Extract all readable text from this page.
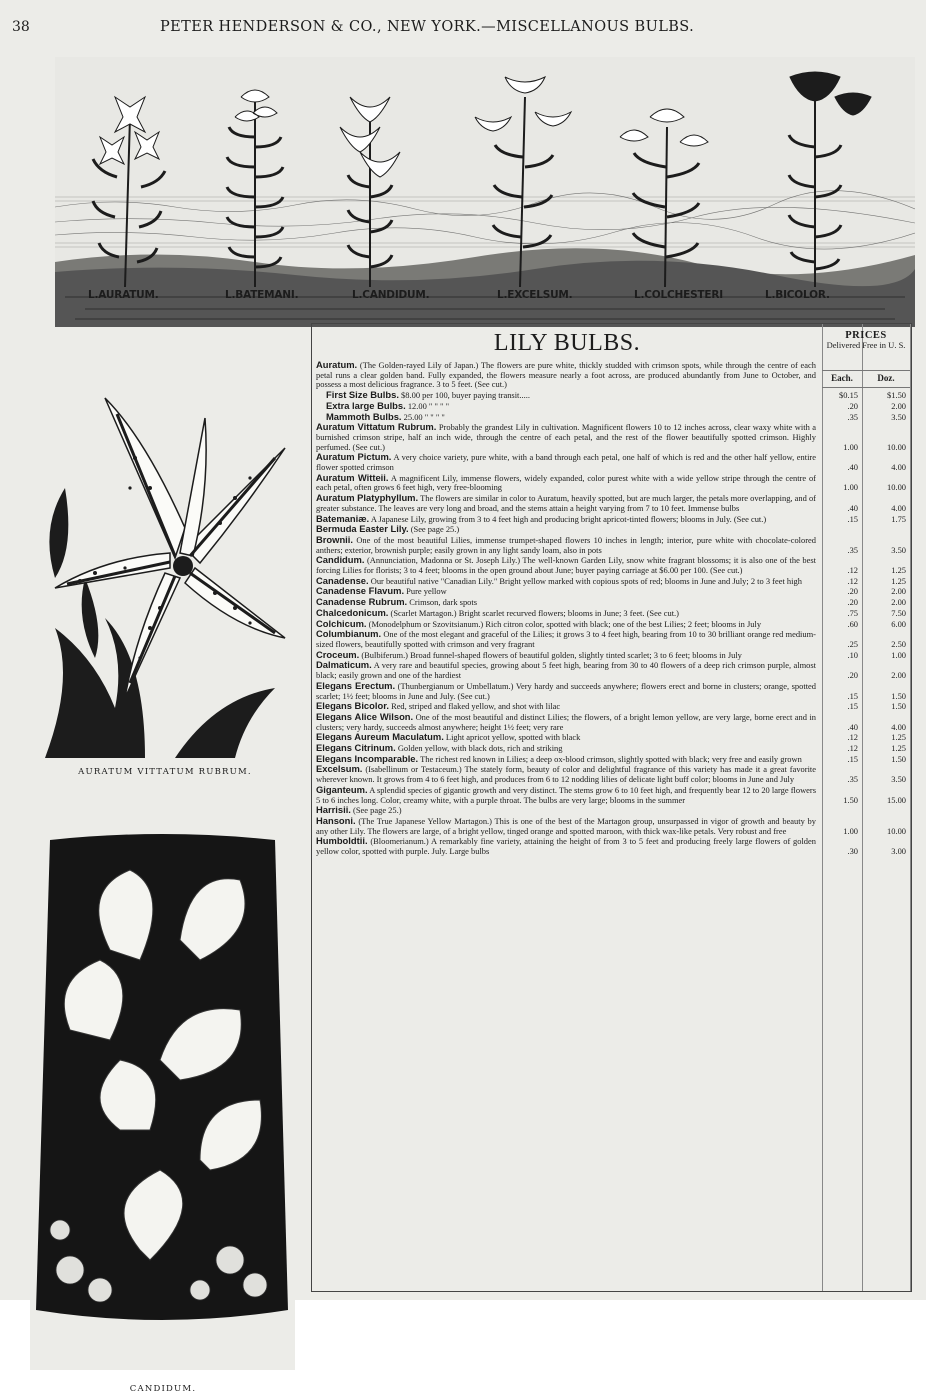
38	PETER HENDERSON & CO., NEW YORK.—MISCELLANOUS BULBS.
L.AURATUM.	L.BATEMANI.	L.CANDIDUM.	L.EXCELSUM.	L.COLCHESTERI	L.BICOLOR.
AURATUM VITTATUM RUBRUM.
CANDIDUM.
LILY BULBS.	PRICES
Delivered Free in U. S.
Each.	Doz.
Auratum. (The Golden-rayed Lily of Japan.) The flowers are pure white, thickly studded with crimson spots, while through the centre of each petal runs a clear golden band. Fully expanded, the flowers measure nearly a foot across, are produced abundantly from June to October, and possess a most delicious fragrance. 3 to 5 feet. (See cut.)
First Size Bulbs. $8.00 per 100, buyer paying transit.....	$0.15	$1.50
Extra large Bulbs. 12.00 " " " "	.20	2.00
Mammoth Bulbs. 25.00 " " " "	.35	3.50
Auratum Vittatum Rubrum. Probably the grandest Lily in cultivation. Magnificent flowers 10 to 12 inches across, clear waxy white with a burnished crimson stripe, half an inch wide, through the centre of each petal, and the rest of the flower beautifully spotted crimson. Highly perfumed. (See cut.)	1.00	10.00
Auratum Pictum. A very choice variety, pure white, with a band through each petal, one half of which is red and the other half yellow, entire flower spotted crimson	.40	4.00
Auratum Witteii. A magnificent Lily, immense flowers, widely expanded, color purest white with a wide yellow stripe through the centre of each petal, often grows 6 feet high, very free-blooming	1.00	10.00
Auratum Platyphyllum. The flowers are similar in color to Auratum, heavily spotted, but are much larger, the petals more overlapping, and of greater substance. The leaves are very long and broad, and the stems attain a height varying from 7 to 10 feet. Immense bulbs	.40	4.00
Batemaniæ. A Japanese Lily, growing from 3 to 4 feet high and producing bright apricot-tinted flowers; blooms in July. (See cut.)	.15	1.75
Bermuda Easter Lily. (See page 25.)
Brownii. One of the most beautiful Lilies, immense trumpet-shaped flowers 10 inches in length; interior, pure white with chocolate-colored anthers; exterior, brownish purple; easily grown in any light sandy loam, also in pots	.35	3.50
Candidum. (Annunciation, Madonna or St. Joseph Lily.) The well-known Garden Lily, snow white fragrant blossoms; it is also one of the best forcing Lilies for florists; 3 to 4 feet; blooms in the open ground about June; buyer paying carriage at $6.00 per 100. (See cut.)	.12	1.25
Canadense. Our beautiful native "Canadian Lily." Bright yellow marked with copious spots of red; blooms in June and July; 2 to 3 feet high	.12	1.25
Canadense Flavum. Pure yellow	.20	2.00
Canadense Rubrum. Crimson, dark spots	.20	2.00
Chalcedonicum. (Scarlet Martagon.) Bright scarlet recurved flowers; blooms in June; 3 feet. (See cut.)	.75	7.50
Colchicum. (Monodelphum or Szovitsianum.) Rich citron color, spotted with black; one of the best Lilies; 2 feet; blooms in July	.60	6.00
Columbianum. One of the most elegant and graceful of the Lilies; it grows 3 to 4 feet high, bearing from 10 to 30 brilliant orange red medium-sized flowers, beautifully spotted with crimson and very fragrant	.25	2.50
Croceum. (Bulbiferum.) Broad funnel-shaped flowers of beautiful golden, slightly tinted scarlet; 3 to 6 feet; blooms in July	.10	1.00
Dalmaticum. A very rare and beautiful species, growing about 5 feet high, bearing from 30 to 40 flowers of a deep rich crimson purple, almost black; easily grown and one of the hardiest	.20	2.00
Elegans Erectum. (Thunbergianum or Umbellatum.) Very hardy and succeeds anywhere; flowers erect and borne in clusters; orange, spotted scarlet; 1½ feet; blooms in June and July. (See cut.)	.15	1.50
Elegans Bicolor. Red, striped and flaked yellow, and shot with lilac	.15	1.50
Elegans Alice Wilson. One of the most beautiful and distinct Lilies; the flowers, of a bright lemon yellow, are very large, borne erect and in clusters; very hardy, succeeds almost anywhere; height 1½ feet; very rare	.40	4.00
Elegans Aureum Maculatum. Light apricot yellow, spotted with black	.12	1.25
Elegans Citrinum. Golden yellow, with black dots, rich and striking	.12	1.25
Elegans Incomparable. The richest red known in Lilies; a deep ox-blood crimson, slightly spotted with black; very free and easily grown	.15	1.50
Excelsum. (Isabellinum or Testaceum.) The stately form, beauty of color and delightful fragrance of this variety has made it a great favorite wherever known. It grows from 4 to 6 feet high, and produces from 6 to 12 nodding lilies of delicate light buff color; blooms in June and July	.35	3.50
Giganteum. A splendid species of gigantic growth and very distinct. The stems grow 6 to 10 feet high, and frequently bear 12 to 20 large flowers 5 to 6 inches long. Color, creamy white, with a purple throat. The bulbs are very large; blooms in the summer	1.50	15.00
Harrisii. (See page 25.)
Hansoni. (The True Japanese Yellow Martagon.) This is one of the best of the Martagon group, unsurpassed in vigor of growth and beauty by any other Lily. The flowers are large, of a bright yellow, tinged orange and spotted maroon, with thick wax-like petals. Very robust and free	1.00	10.00
Humboldtii. (Bloomerianum.) A remarkably fine variety, attaining the height of from 3 to 5 feet and producing freely large flowers of golden yellow color, spotted with purple. July. Large bulbs	.30	3.00
